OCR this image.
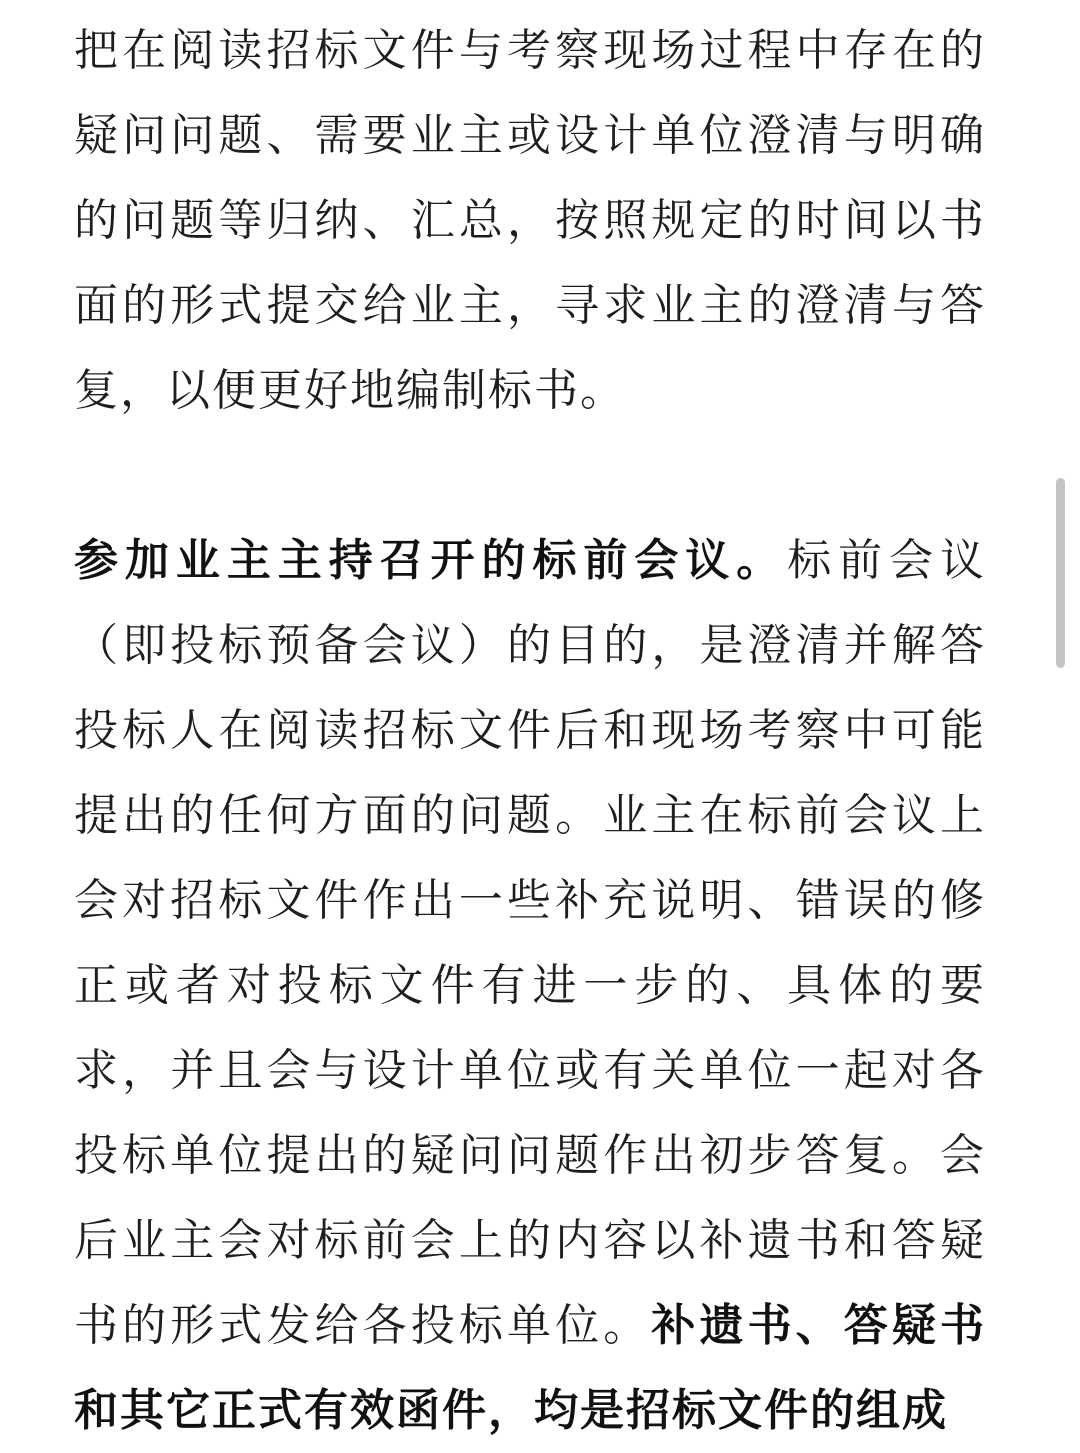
把在阅读招标文件与考察现场过程中存在的疑问问题、需要业主或设计单位澄清与明确的问题等归纳、汇总，按照规定的时间以书面的形式提交给业主，寻求业主的澄清与答复，以便更好地编制标书。

参加业主主持召开的标前会议。标前会议（即投标预备会议）的目的，是澄清并解答投标人在阅读招标文件后和现场考察中可能提出的任何方面的问题。业主在标前会议上会对招标文件作出一些补充说明、错误的修正或者对投标文件有进一步的、具体的要求，并且会与设计单位或有关单位一起对各投标单位提出的疑问问题作出初步答复。会后业主会对标前会上的内容以补遗书和答疑书的形式发给各投标单位。补遗书、答疑书和其它正式有效函件，均是招标文件的组成
